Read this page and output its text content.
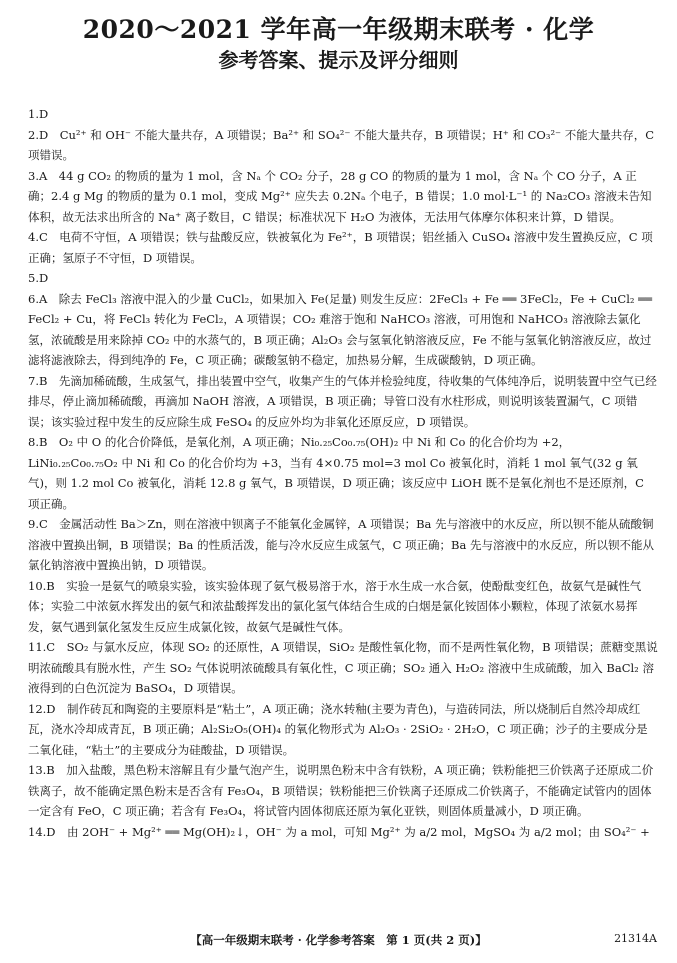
2020～2021 学年高一年级期末联考 · 化学
参考答案、提示及评分细则

1.D

2.D　Cu²⁺ 和 OH⁻ 不能大量共存，A 项错误；Ba²⁺ 和 SO₄²⁻ 不能大量共存，B 项错误；H⁺ 和 CO₃²⁻ 不能大量共存，C 项错误。

3.A　44 g CO₂ 的物质的量为 1 mol，含 Nₐ 个 CO₂ 分子，28 g CO 的物质的量为 1 mol，含 Nₐ 个 CO 分子，A 正确；2.4 g Mg 的物质的量为 0.1 mol，变成 Mg²⁺ 应失去 0.2Nₐ 个电子，B 错误；1.0 mol·L⁻¹ 的 Na₂CO₃ 溶液未告知体积，故无法求出所含的 Na⁺ 离子数目，C 错误；标准状况下 H₂O 为液体，无法用气体摩尔体积来计算，D 错误。

4.C　电荷不守恒，A 项错误；铁与盐酸反应，铁被氧化为 Fe²⁺，B 项错误；铝丝插入 CuSO₄ 溶液中发生置换反应，C 项正确；氢原子不守恒，D 项错误。

5.D

6.A　除去 FeCl₃ 溶液中混入的少量 CuCl₂，如果加入 Fe(足量) 则发生反应：2FeCl₃ + Fe ══ 3FeCl₂，Fe + CuCl₂ ══ FeCl₂ + Cu，将 FeCl₃ 转化为 FeCl₂，A 项错误；CO₂ 难溶于饱和 NaHCO₃ 溶液，可用饱和 NaHCO₃ 溶液除去氯化氢，浓硫酸是用来除掉 CO₂ 中的水蒸气的，B 项正确；Al₂O₃ 会与氢氧化钠溶液反应，Fe 不能与氢氧化钠溶液反应，故过滤将滤液除去，得到纯净的 Fe，C 项正确；碳酸氢钠不稳定，加热易分解，生成碳酸钠，D 项正确。

7.B　先滴加稀硫酸，生成氢气，排出装置中空气，收集产生的气体并检验纯度，待收集的气体纯净后，说明装置中空气已经排尽，停止滴加稀硫酸，再滴加 NaOH 溶液，A 项错误，B 项正确；导管口没有水柱形成，则说明该装置漏气，C 项错误；该实验过程中发生的反应除生成 FeSO₄ 的反应外均为非氧化还原反应，D 项错误。

8.B　O₂ 中 O 的化合价降低，是氧化剂，A 项正确；Ni₀.₂₅Co₀.₇₅(OH)₂ 中 Ni 和 Co 的化合价均为 +2，LiNi₀.₂₅Co₀.₇₅O₂ 中 Ni 和 Co 的化合价均为 +3，当有 4×0.75 mol=3 mol Co 被氧化时，消耗 1 mol 氧气(32 g 氧气)，则 1.2 mol Co 被氧化，消耗 12.8 g 氧气，B 项错误，D 项正确；该反应中 LiOH 既不是氧化剂也不是还原剂，C 项正确。

9.C　金属活动性 Ba＞Zn，则在溶液中钡离子不能氧化金属锌，A 项错误；Ba 先与溶液中的水反应，所以钡不能从硫酸铜溶液中置换出铜，B 项错误；Ba 的性质活泼，能与冷水反应生成氢气，C 项正确；Ba 先与溶液中的水反应，所以钡不能从氯化钠溶液中置换出钠，D 项错误。

10.B　实验一是氨气的喷泉实验，该实验体现了氨气极易溶于水，溶于水生成一水合氨，使酚酞变红色，故氨气是碱性气体；实验二中浓氨水挥发出的氨气和浓盐酸挥发出的氯化氢气体结合生成的白烟是氯化铵固体小颗粒，体现了浓氨水易挥发，氨气遇到氯化氢发生反应生成氯化铵，故氨气是碱性气体。

11.C　SO₂ 与氯水反应，体现 SO₂ 的还原性，A 项错误，SiO₂ 是酸性氧化物，而不是两性氧化物，B 项错误；蔗糖变黑说明浓硫酸具有脱水性，产生 SO₂ 气体说明浓硫酸具有氧化性，C 项正确；SO₂ 通入 H₂O₂ 溶液中生成硫酸，加入 BaCl₂ 溶液得到的白色沉淀为 BaSO₄，D 项错误。

12.D　制作砖瓦和陶瓷的主要原料是“粘土”，A 项正确；浇水转釉(主要为青色)，与造砖同法，所以烧制后自然冷却成红瓦，浇水冷却成青瓦，B 项正确；Al₂Si₂O₅(OH)₄ 的氧化物形式为 Al₂O₃ · 2SiO₂ · 2H₂O，C 项正确；沙子的主要成分是二氧化硅，“粘土”的主要成分为硅酸盐，D 项错误。

13.B　加入盐酸，黑色粉末溶解且有少量气泡产生，说明黑色粉末中含有铁粉，A 项正确；铁粉能把三价铁离子还原成二价铁离子，故不能确定黑色粉末是否含有 Fe₃O₄，B 项错误；铁粉能把三价铁离子还原成二价铁离子，不能确定试管内的固体一定含有 FeO，C 项正确；若含有 Fe₃O₄，将试管内固体彻底还原为氧化亚铁，则固体质量减小，D 项正确。

14.D　由 2OH⁻ + Mg²⁺ ══ Mg(OH)₂↓，OH⁻ 为 a mol，可知 Mg²⁺ 为 a/2 mol，MgSO₄ 为 a/2 mol；由 SO₄²⁻ +

【高一年级期末联考 · 化学参考答案　第 1 页(共 2 页)】	21314A
